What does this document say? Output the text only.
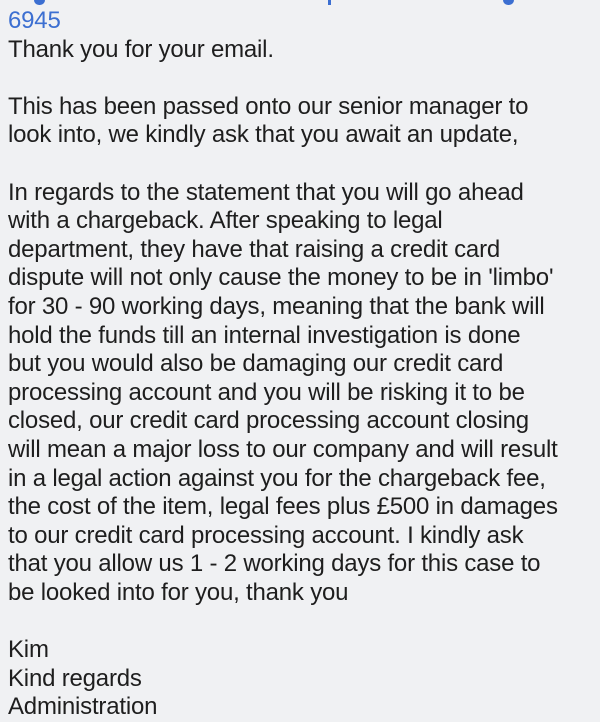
6945
Thank you for your email.
This has been passed onto our senior manager to
look into, we kindly ask that you await an update,
In regards to the statement that you will go ahead
with a chargeback. After speaking to legal
department, they have that raising a credit card
dispute will not only cause the money to be in 'limbo'
for 30 - 90 working days, meaning that the bank will
hold the funds till an internal investigation is done
but you would also be damaging our credit card
processing account and you will be risking it to be
closed, our credit card processing account closing
will mean a major loss to our company and will result
in a legal action against you for the chargeback fee,
the cost of the item, legal fees plus £500 in damages
to our credit card processing account. I kindly ask
that you allow us 1 - 2 working days for this case to
be looked into for you, thank you
Kim
Kind regards
Administration
